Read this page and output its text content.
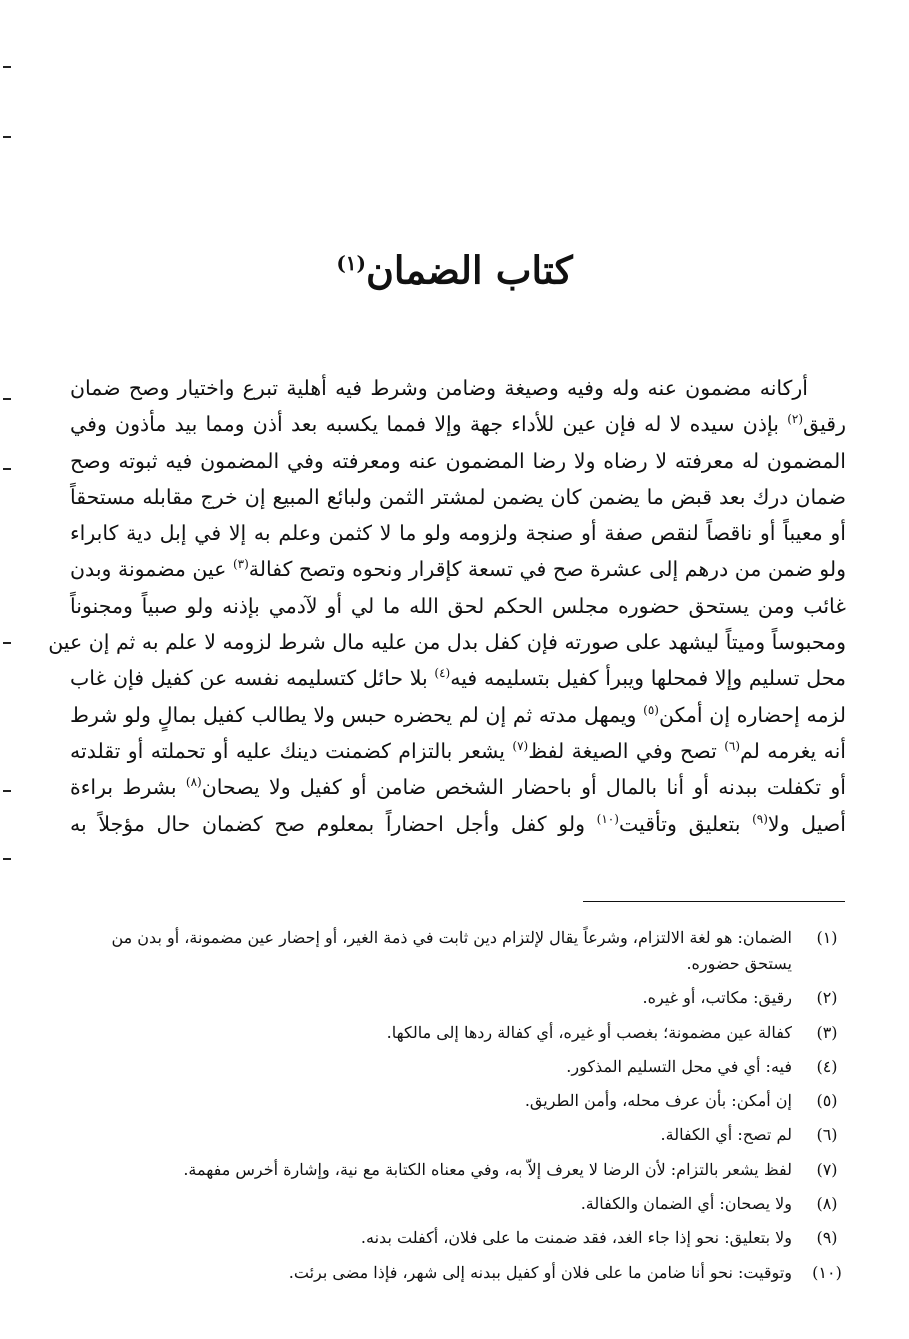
كتاب الضمان$^{(١)}$
أركانه مضمون عنه وله وفيه وصيغة وضامن وشرط فيه أهلية تبرع واختيار وصح ضمان
رقيق$^{(٢)}$ بإذن سيده لا له فإن عين للأداء جهة وإلا فمما يكسبه بعد أذن ومما بيد مأذون وفي
المضمون له معرفته لا رضاه ولا رضا المضمون عنه ومعرفته وفي المضمون فيه ثبوته وصح
ضمان درك بعد قبض ما يضمن كان يضمن لمشتر الثمن ولبائع المبيع إن خرج مقابله مستحقاً
أو معيباً أو ناقصاً لنقص صفة أو صنجة ولزومه ولو ما لا كثمن وعلم به إلا في إبل دية كابراء
ولو ضمن من درهم إلى عشرة صح في تسعة كإقرار ونحوه وتصح كفالة$^{(٣)}$ عين مضمونة وبدن
غائب ومن يستحق حضوره مجلس الحكم لحق الله ما لي أو لآدمي بإذنه ولو صبياً ومجنوناً
ومحبوساً وميتاً ليشهد على صورته فإن كفل بدل من عليه مال شرط لزومه لا علم به ثم إن عين
محل تسليم وإلا فمحلها ويبرأ كفيل بتسليمه فيه$^{(٤)}$ بلا حائل كتسليمه نفسه عن كفيل فإن غاب
لزمه إحضاره إن أمكن$^{(٥)}$ ويمهل مدته ثم إن لم يحضره حبس ولا يطالب كفيل بمالٍ ولو شرط
أنه يغرمه لم$^{(٦)}$ تصح وفي الصيغة لفظ$^{(٧)}$ يشعر بالتزام كضمنت دينك عليه أو تحملته أو تقلدته
أو تكفلت ببدنه أو أنا بالمال أو باحضار الشخص ضامن أو كفيل ولا يصحان$^{(٨)}$ بشرط براءة
أصيل ولا$^{(٩)}$ بتعليق وتأقيت$^{(١٠)}$ ولو كفل وأجل احضاراً بمعلوم صح كضمان حال مؤجلاً به
(١)
الضمان: هو لغة الالتزام، وشرعاً يقال لإلتزام دين ثابت في ذمة الغير، أو إحضار عين مضمونة، أو بدن من يستحق حضوره.
(٢)
رقيق: مكاتب، أو غيره.
(٣)
كفالة عين مضمونة؛ بغصب أو غيره، أي كفالة ردها إلى مالكها.
(٤)
فيه: أي في محل التسليم المذكور.
(٥)
إن أمكن: بأن عرف محله، وأمن الطريق.
(٦)
لم تصح: أي الكفالة.
(٧)
لفظ يشعر بالتزام: لأن الرضا لا يعرف إلاّ به، وفي معناه الكتابة مع نية، وإشارة أخرس مفهمة.
(٨)
ولا يصحان: أي الضمان والكفالة.
(٩)
ولا بتعليق: نحو إذا جاء الغد، فقد ضمنت ما على فلان، أكفلت بدنه.
(١٠)
وتوقيت: نحو أنا ضامن ما على فلان أو كفيل ببدنه إلى شهر، فإذا مضى برئت.
